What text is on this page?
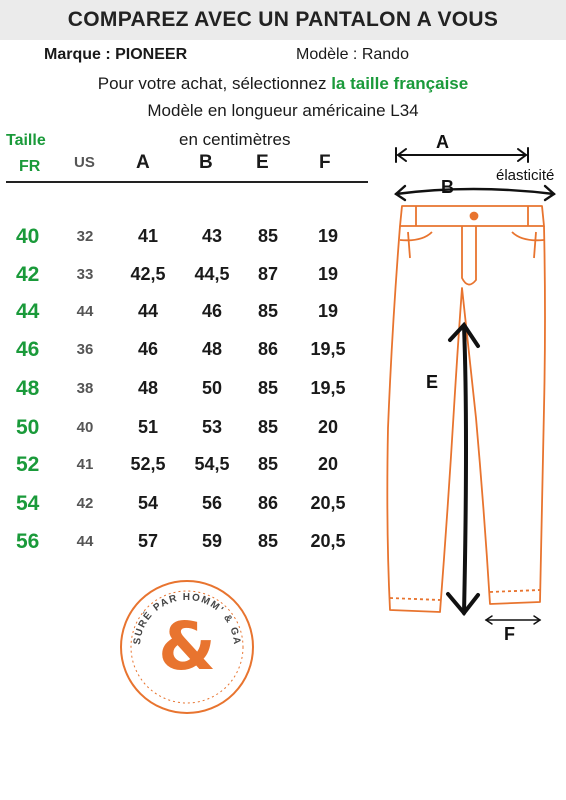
COMPAREZ AVEC UN PANTALON A VOUS
Marque : PIONEER	Modèle : Rando
Pour votre achat, sélectionnez la taille française
Modèle en longueur américaine L34
Taille
FR US
en centimètres
A	B E	F
40	32	41	43	85	19
42	33	42,5	44,5	87	19
44	44	44	46	85	19
46	36	46	48	86	19,5
48	38	48	50	85	19,5
50	40	51	53	85	20
52	41	52,5	54,5	85	20
54	42	54	56	86	20,5
56	44	57	59	85	20,5
A
B
élasticité
E
F
SURÉ PAR HOMM' & GA
&
